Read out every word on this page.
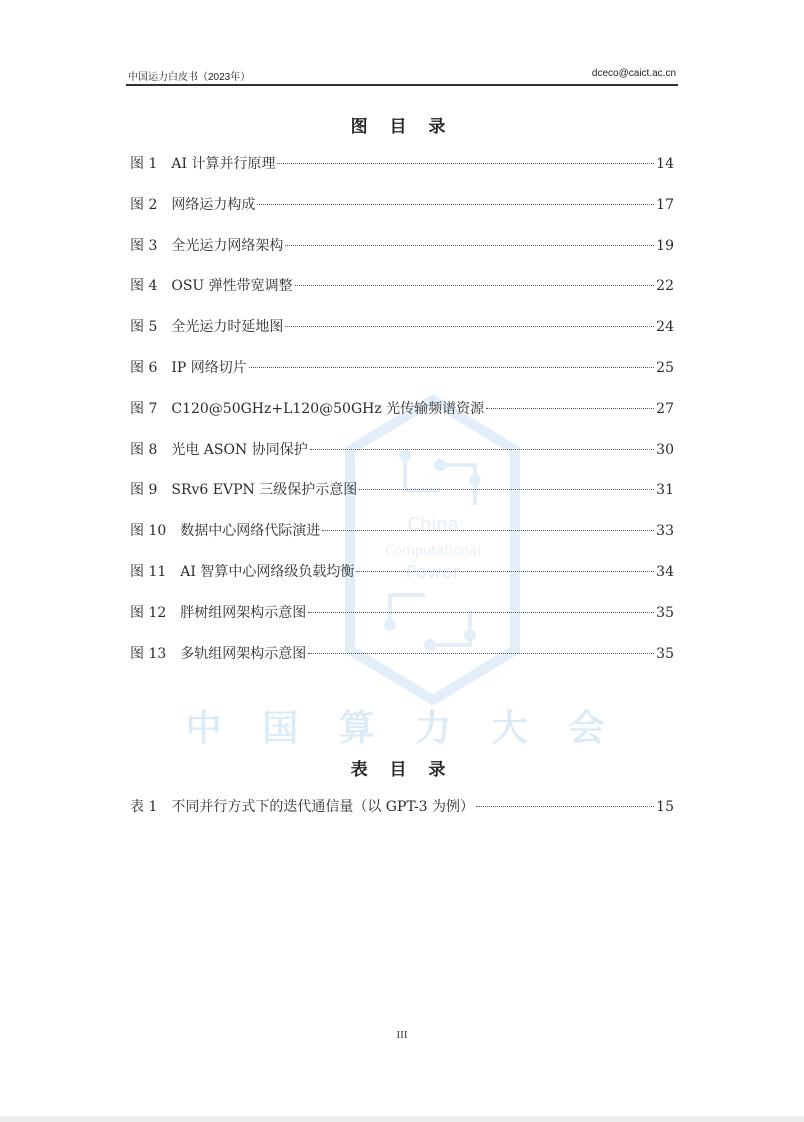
中国运力白皮书（2023年）	dceco@caict.ac.cn
China
Computational
Power
中 国 算 力 大 会
图 目 录
图 1 AI 计算并行原理	14
图 2 网络运力构成	17
图 3 全光运力网络架构	19
图 4 OSU 弹性带宽调整	22
图 5 全光运力时延地图	24
图 6 IP 网络切片	25
图 7 C120@50GHz+L120@50GHz 光传输频谱资源	27
图 8 光电 ASON 协同保护	30
图 9 SRv6 EVPN 三级保护示意图	31
图 10 数据中心网络代际演进	33
图 11 AI 智算中心网络级负载均衡	34
图 12 胖树组网架构示意图	35
图 13 多轨组网架构示意图	35
表 目 录
表 1 不同并行方式下的迭代通信量（以 GPT-3 为例）	15
III
